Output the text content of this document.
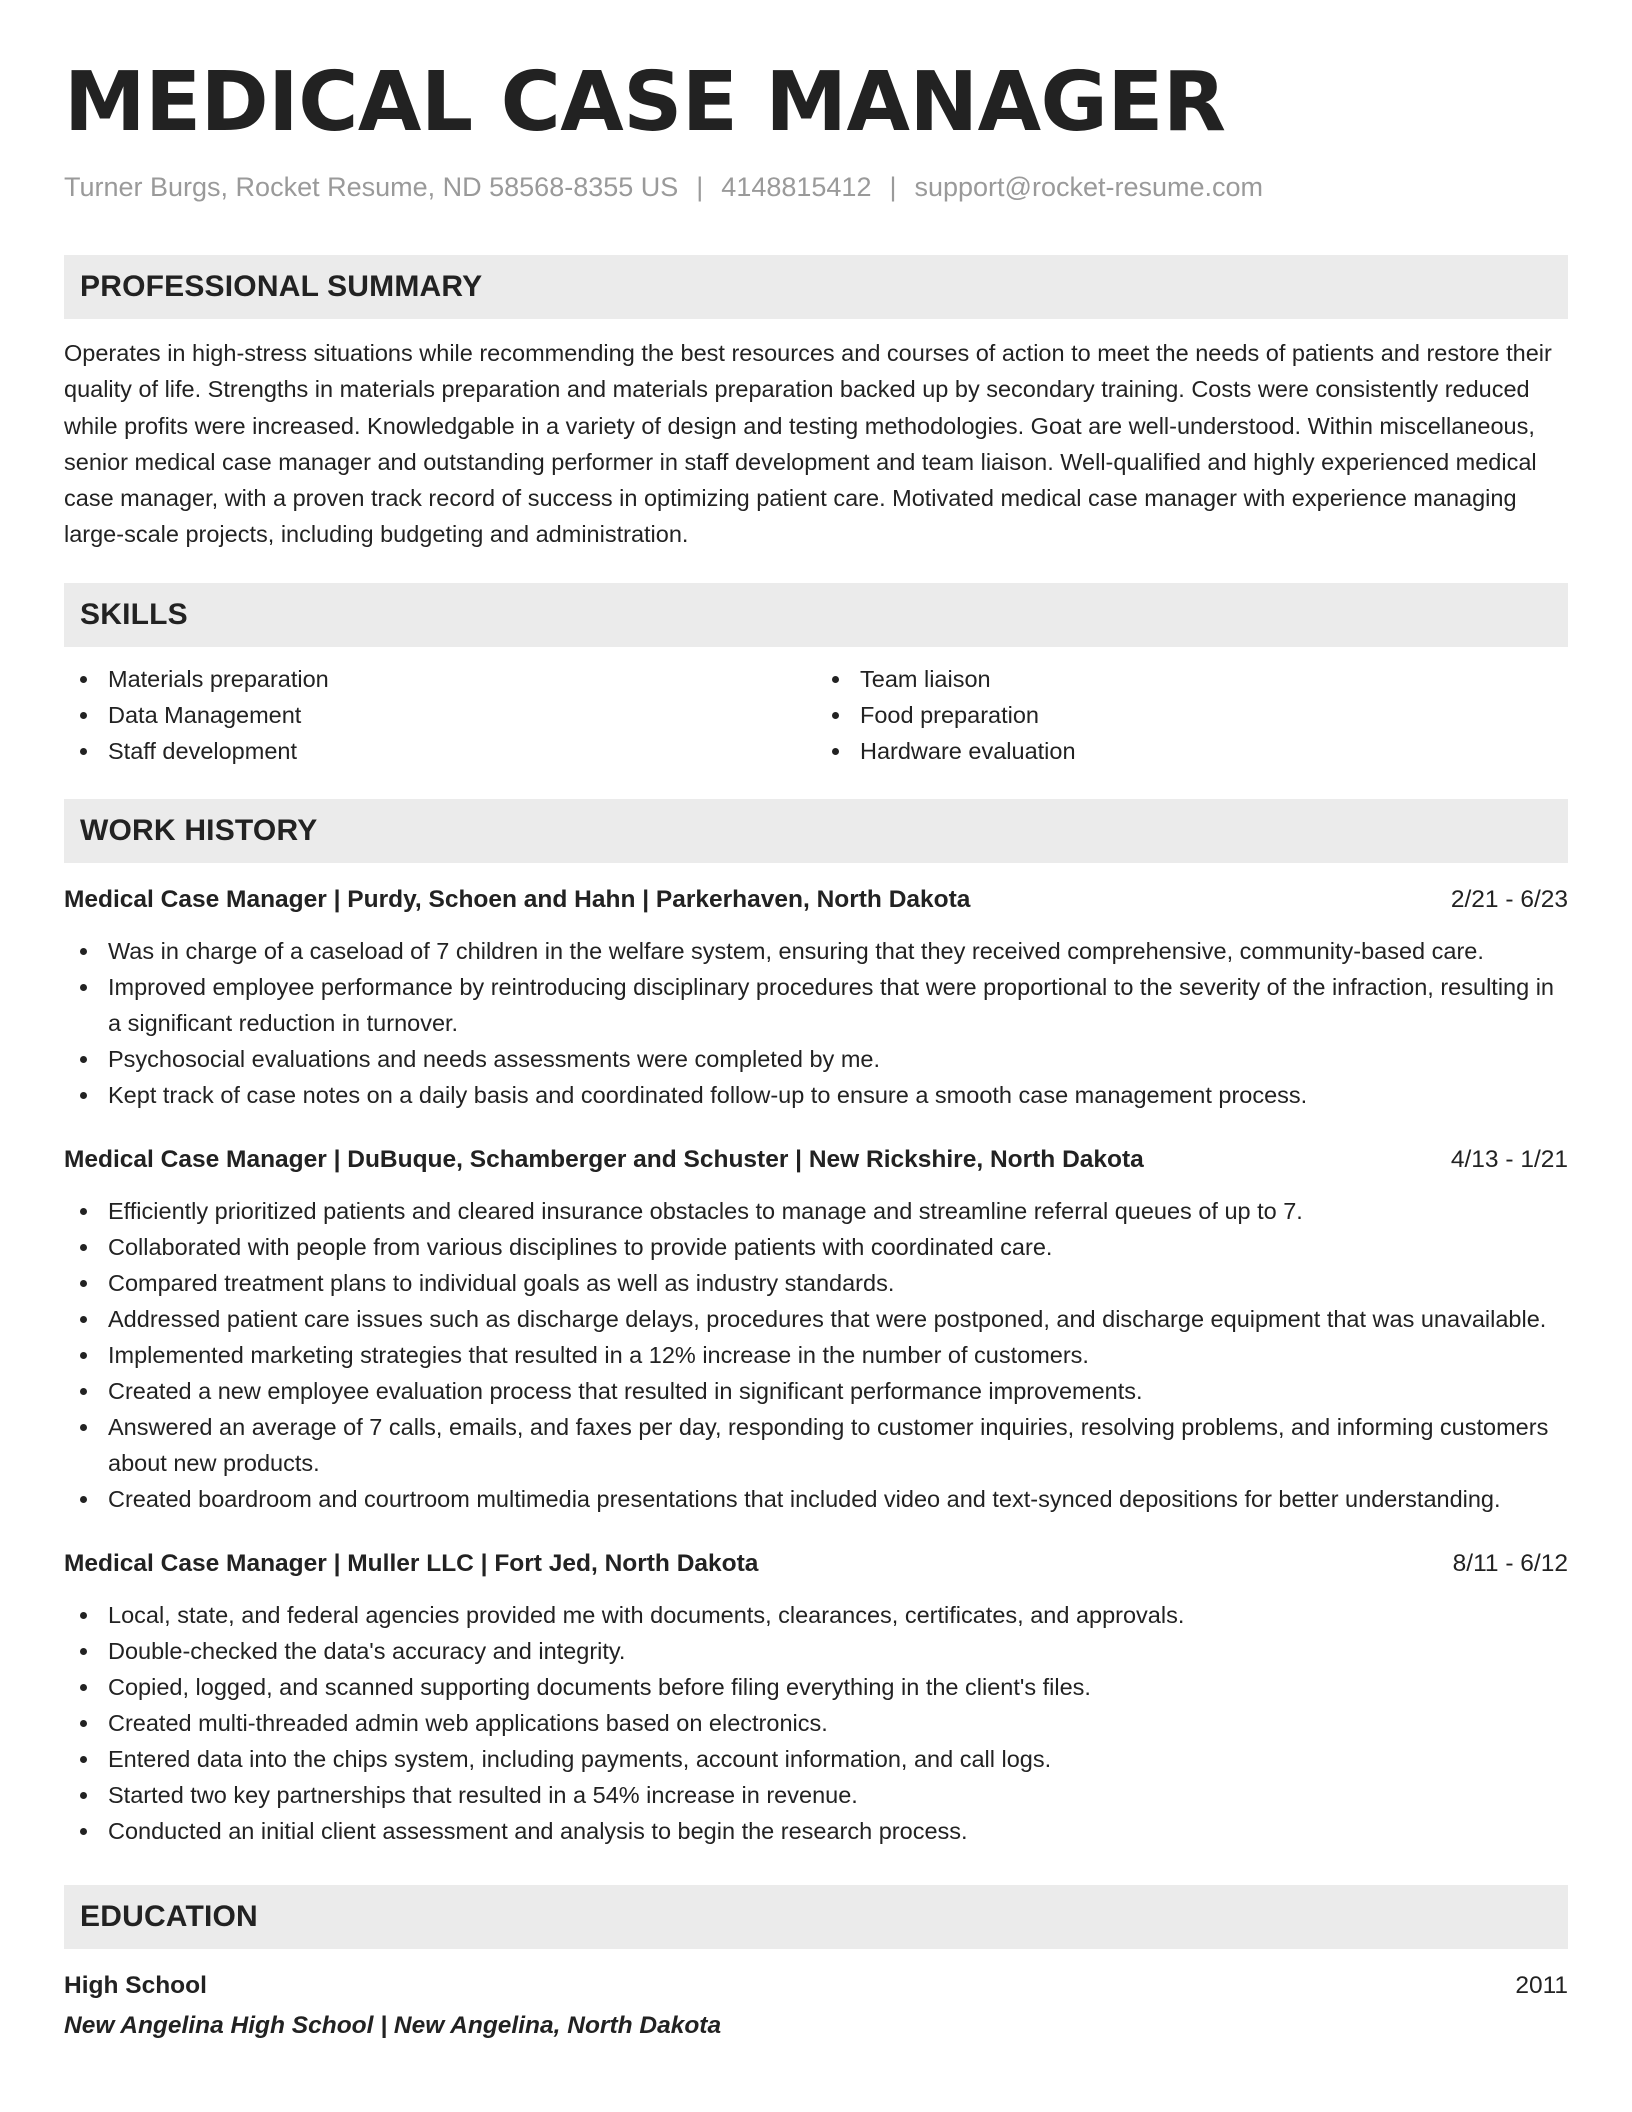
MEDICAL CASE MANAGER
Turner Burgs, Rocket Resume, ND 58568-8355 US | 4148815412 | support@rocket-resume.com
PROFESSIONAL SUMMARY

Operates in high-stress situations while recommending the best resources and courses of action to meet the needs of patients and restore their quality of life. Strengths in materials preparation and materials preparation backed up by secondary training. Costs were consistently reduced while profits were increased. Knowledgable in a variety of design and testing methodologies. Goat are well-understood. Within miscellaneous, senior medical case manager and outstanding performer in staff development and team liaison. Well-qualified and highly experienced medical case manager, with a proven track record of success in optimizing patient care. Motivated medical case manager with experience managing large-scale projects, including budgeting and administration.

SKILLS
Materials preparation
Data Management
Staff development
Team liaison
Food preparation
Hardware evaluation
WORK HISTORY
Medical Case Manager | Purdy, Schoen and Hahn | Parkerhaven, North Dakota	2/21 - 6/23
Was in charge of a caseload of 7 children in the welfare system, ensuring that they received comprehensive, community-based care.
Improved employee performance by reintroducing disciplinary procedures that were proportional to the severity of the infraction, resulting in a significant reduction in turnover.
Psychosocial evaluations and needs assessments were completed by me.
Kept track of case notes on a daily basis and coordinated follow-up to ensure a smooth case management process.
Medical Case Manager | DuBuque, Schamberger and Schuster | New Rickshire, North Dakota	4/13 - 1/21
Efficiently prioritized patients and cleared insurance obstacles to manage and streamline referral queues of up to 7.
Collaborated with people from various disciplines to provide patients with coordinated care.
Compared treatment plans to individual goals as well as industry standards.
Addressed patient care issues such as discharge delays, procedures that were postponed, and discharge equipment that was unavailable.
Implemented marketing strategies that resulted in a 12% increase in the number of customers.
Created a new employee evaluation process that resulted in significant performance improvements.
Answered an average of 7 calls, emails, and faxes per day, responding to customer inquiries, resolving problems, and informing customers about new products.
Created boardroom and courtroom multimedia presentations that included video and text-synced depositions for better understanding.
Medical Case Manager | Muller LLC | Fort Jed, North Dakota	8/11 - 6/12
Local, state, and federal agencies provided me with documents, clearances, certificates, and approvals.
Double-checked the data's accuracy and integrity.
Copied, logged, and scanned supporting documents before filing everything in the client's files.
Created multi-threaded admin web applications based on electronics.
Entered data into the chips system, including payments, account information, and call logs.
Started two key partnerships that resulted in a 54% increase in revenue.
Conducted an initial client assessment and analysis to begin the research process.
EDUCATION
High School	2011
New Angelina High School | New Angelina, North Dakota
